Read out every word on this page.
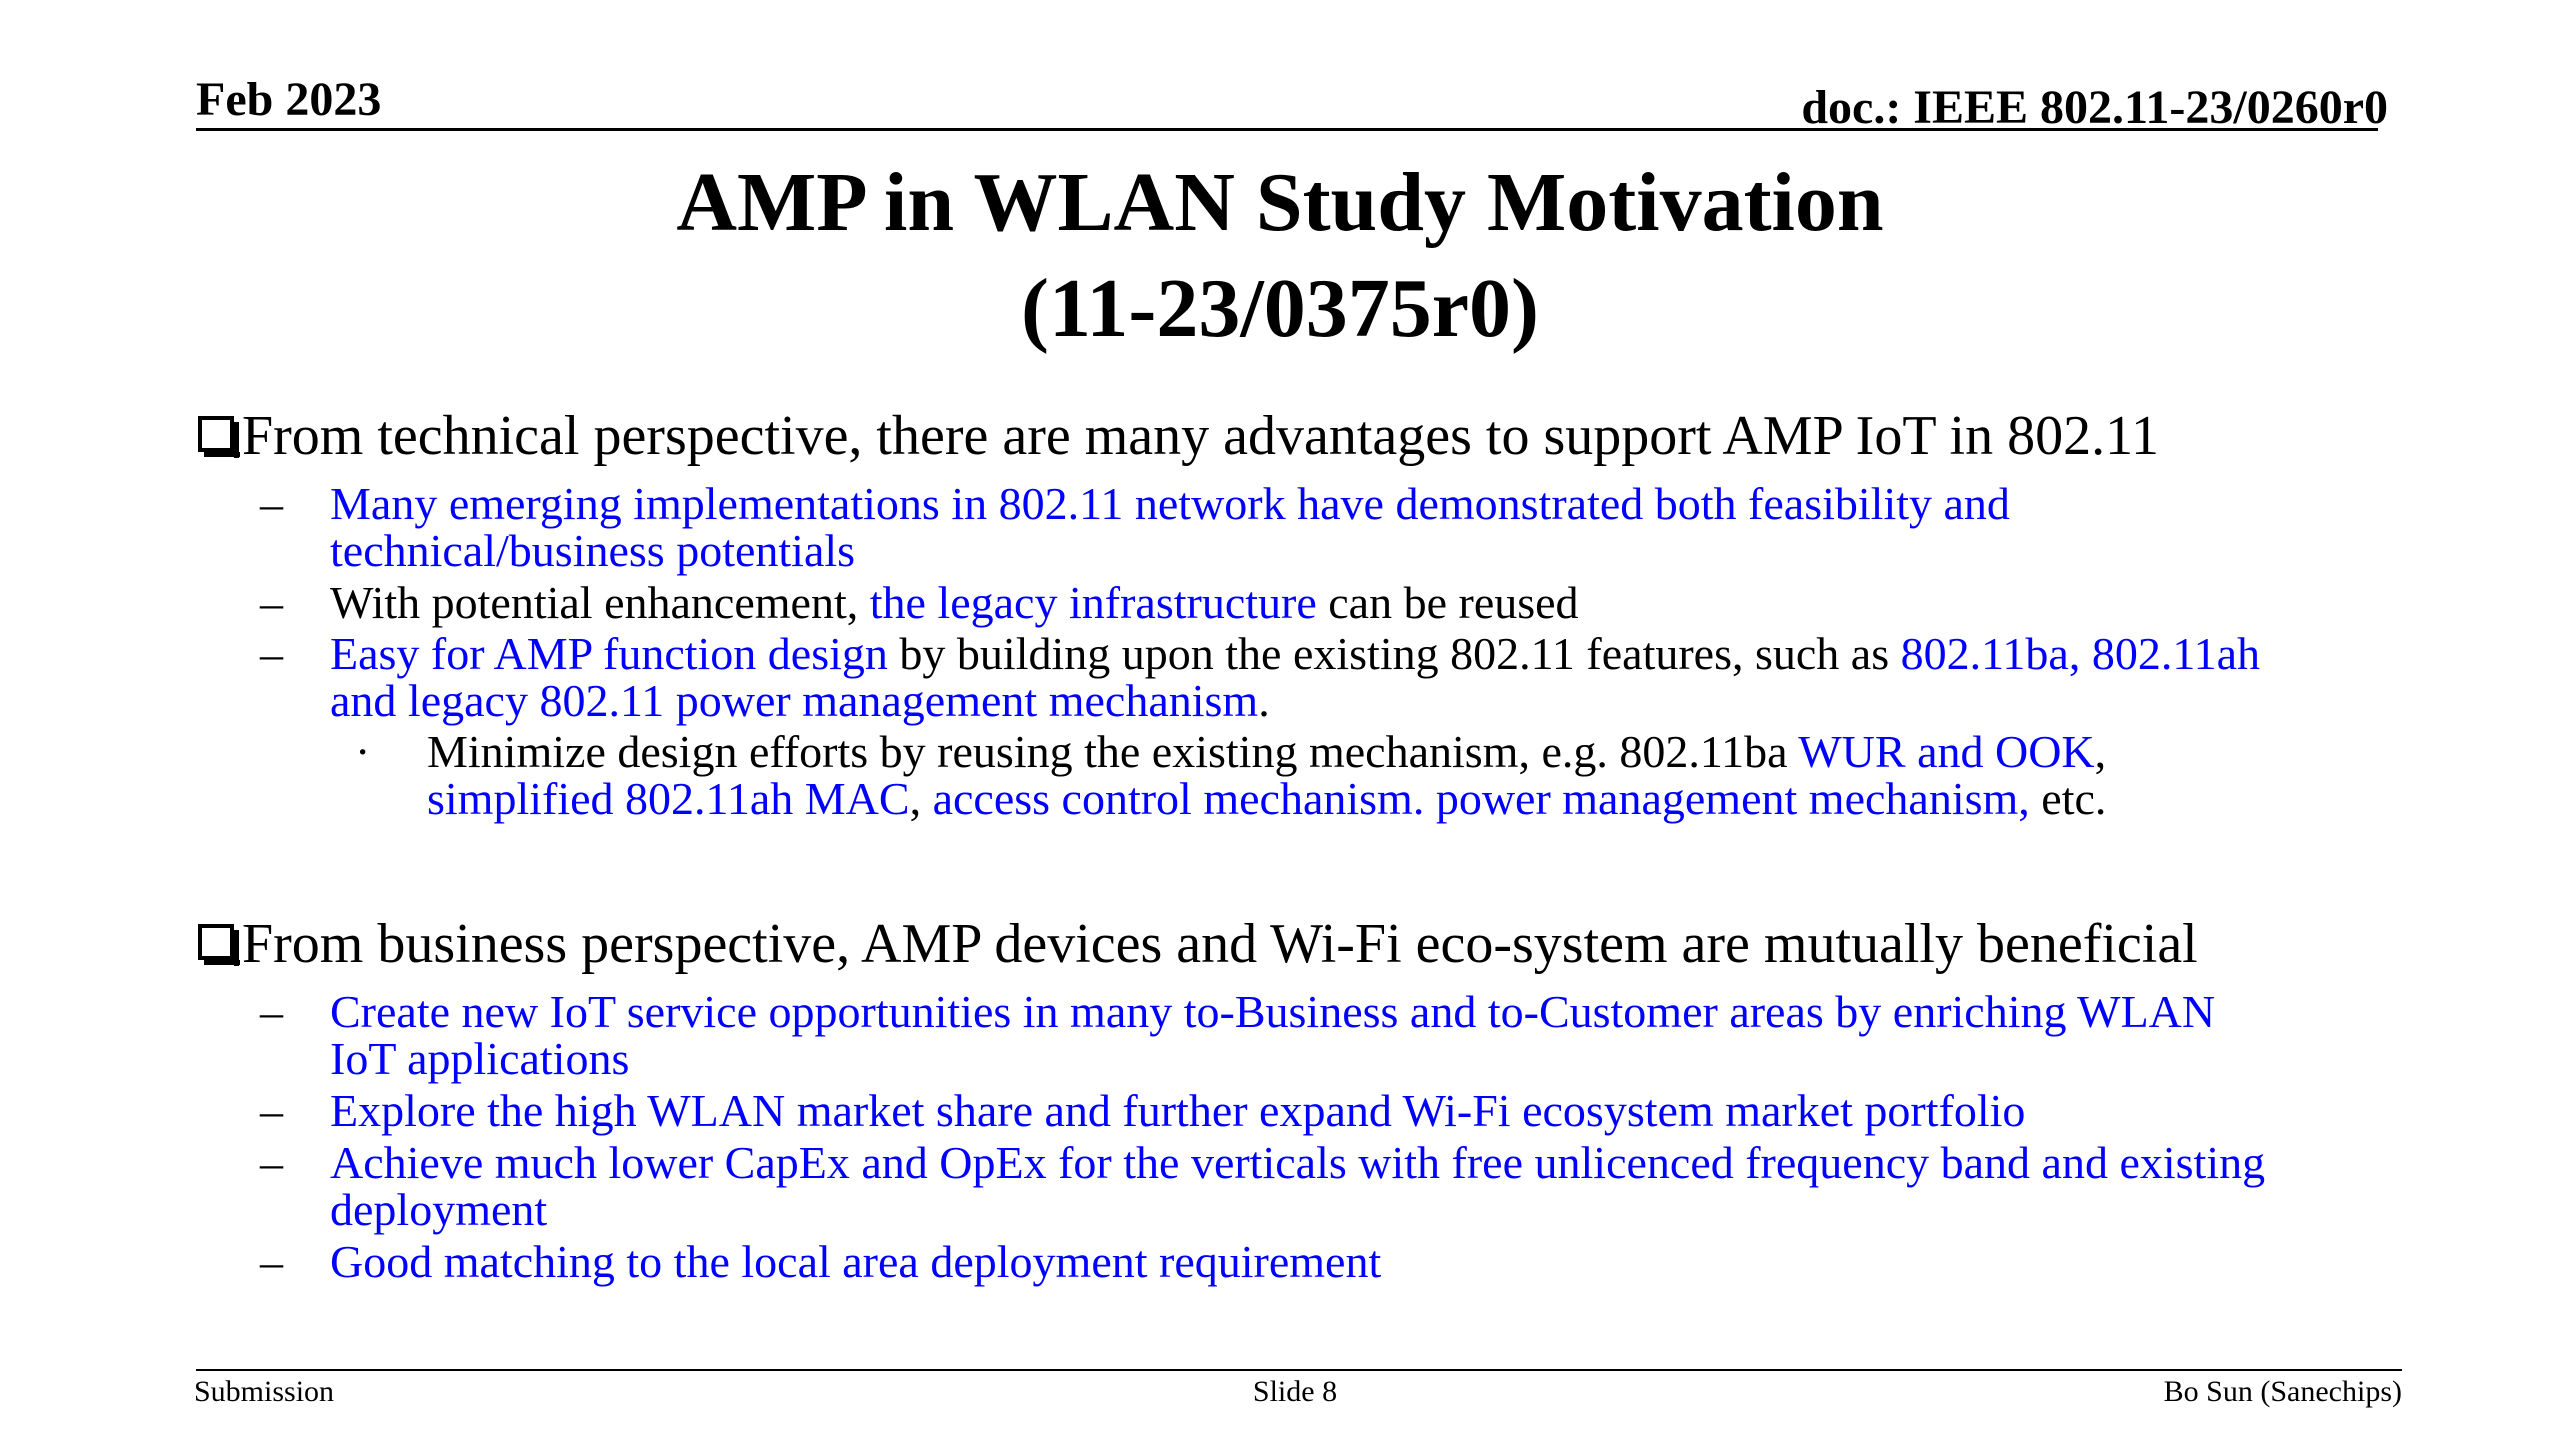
Feb 2023	doc.: IEEE 802.11-23/0260r0
AMP in WLAN Study Motivation
(11-23/0375r0)
From technical perspective, there are many advantages to support AMP IoT in 802.11
–	Many emerging implementations in 802.11 network have demonstrated both feasibility and
technical/business potentials
–	With potential enhancement, the legacy infrastructure can be reused
–	Easy for AMP function design by building upon the existing 802.11 features, such as 802.11ba, 802.11ah
and legacy 802.11 power management mechanism.
· Minimize design efforts by reusing the existing mechanism, e.g. 802.11ba WUR and OOK,
simplified 802.11ah MAC, access control mechanism. power management mechanism, etc.
From business perspective, AMP devices and Wi-Fi eco-system are mutually beneficial
–	Create new IoT service opportunities in many to-Business and to-Customer areas by enriching WLAN
IoT applications
–	Explore the high WLAN market share and further expand Wi-Fi ecosystem market portfolio
–	Achieve much lower CapEx and OpEx for the verticals with free unlicenced frequency band and existing
deployment
–	Good matching to the local area deployment requirement
Submission	Slide 8	Bo Sun (Sanechips)
